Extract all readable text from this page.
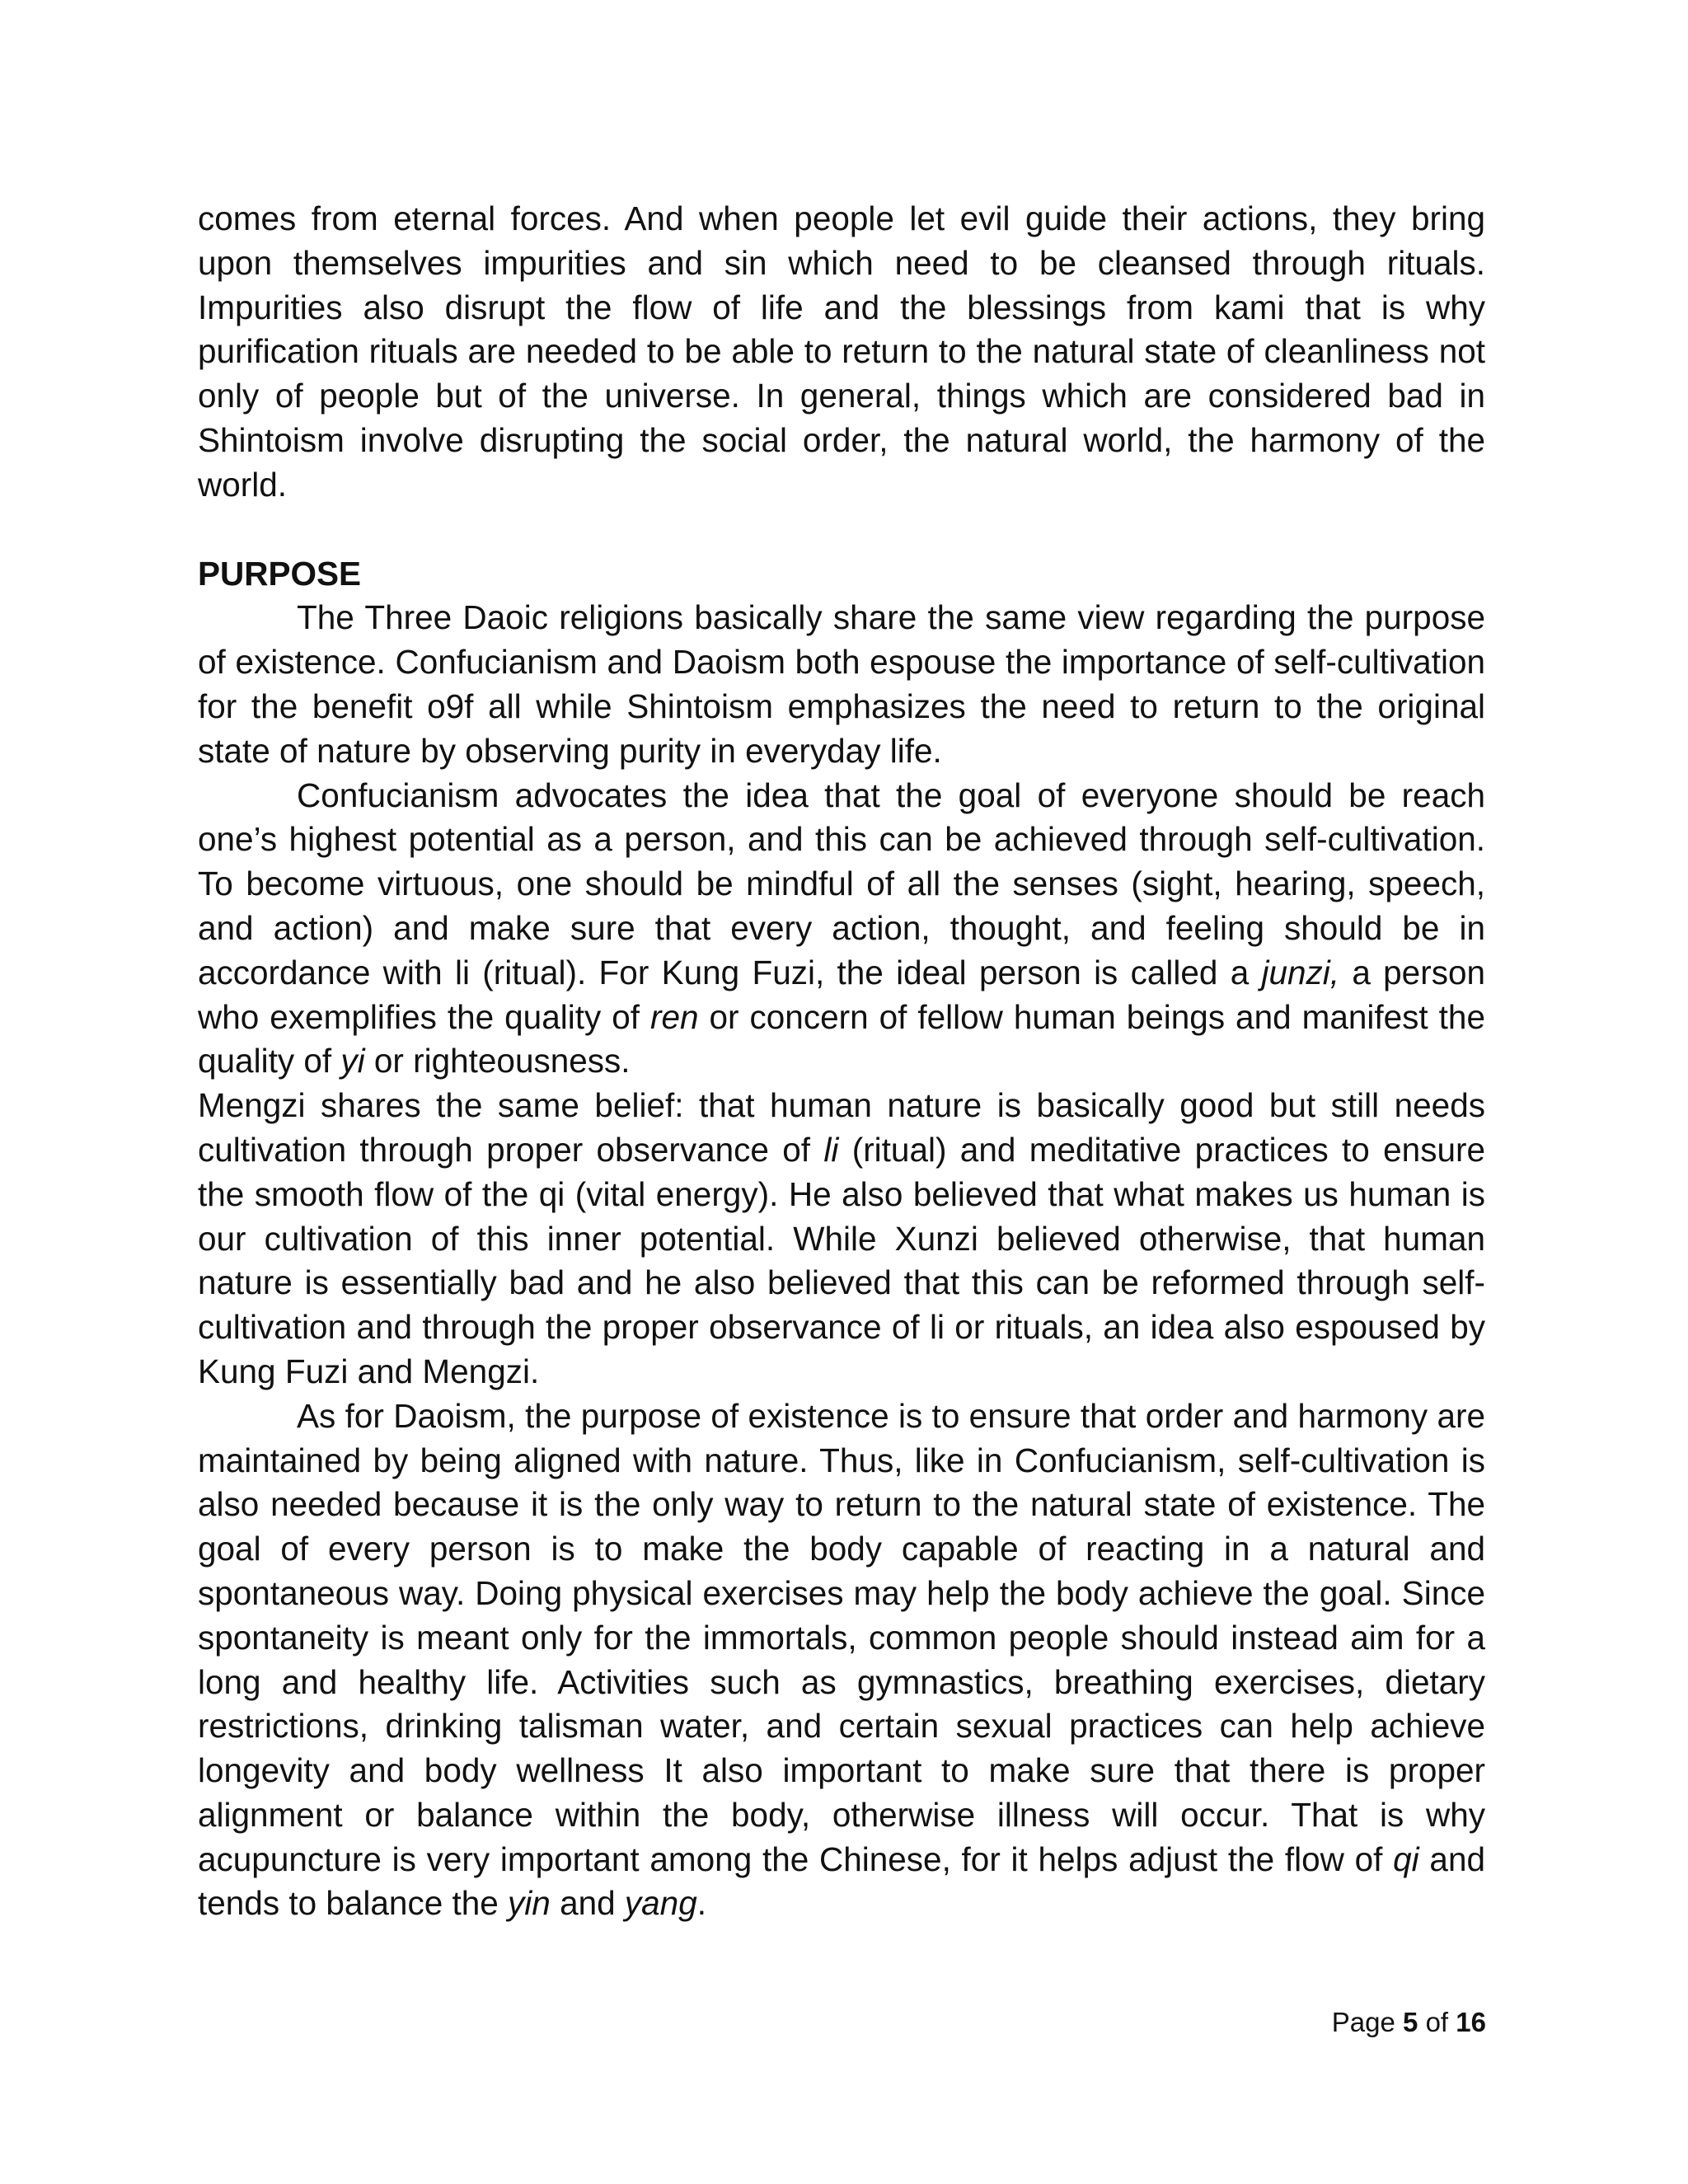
comes from eternal forces. And when people let evil guide their actions, they bring upon themselves impurities and sin which need to be cleansed through rituals. Impurities also disrupt the flow of life and the blessings from kami that is why purification rituals are needed to be able to return to the natural state of cleanliness not only of people but of the universe. In general, things which are considered bad in Shintoism involve disrupting the social order, the natural world, the harmony of the world.

PURPOSE

The Three Daoic religions basically share the same view regarding the purpose of existence. Confucianism and Daoism both espouse the importance of self-cultivation for the benefit o9f all while Shintoism emphasizes the need to return to the original state of nature by observing purity in everyday life.

Confucianism advocates the idea that the goal of everyone should be reach one’s highest potential as a person, and this can be achieved through self-cultivation. To become virtuous, one should be mindful of all the senses (sight, hearing, speech, and action) and make sure that every action, thought, and feeling should be in accordance with li (ritual). For Kung Fuzi, the ideal person is called a junzi, a person who exemplifies the quality of ren or concern of fellow human beings and manifest the quality of yi or righteousness.

Mengzi shares the same belief: that human nature is basically good but still needs cultivation through proper observance of li (ritual) and meditative practices to ensure the smooth flow of the qi (vital energy). He also believed that what makes us human is our cultivation of this inner potential. While Xunzi believed otherwise, that human nature is essentially bad and he also believed that this can be reformed through self-cultivation and through the proper observance of li or rituals, an idea also espoused by Kung Fuzi and Mengzi.

As for Daoism, the purpose of existence is to ensure that order and harmony are maintained by being aligned with nature. Thus, like in Confucianism, self-cultivation is also needed because it is the only way to return to the natural state of existence. The goal of every person is to make the body capable of reacting in a natural and spontaneous way. Doing physical exercises may help the body achieve the goal. Since spontaneity is meant only for the immortals, common people should instead aim for a long and healthy life. Activities such as gymnastics, breathing exercises, dietary restrictions, drinking talisman water, and certain sexual practices can help achieve longevity and body wellness It also important to make sure that there is proper alignment or balance within the body, otherwise illness will occur. That is why acupuncture is very important among the Chinese, for it helps adjust the flow of qi and tends to balance the yin and yang.

Page 5 of 16
